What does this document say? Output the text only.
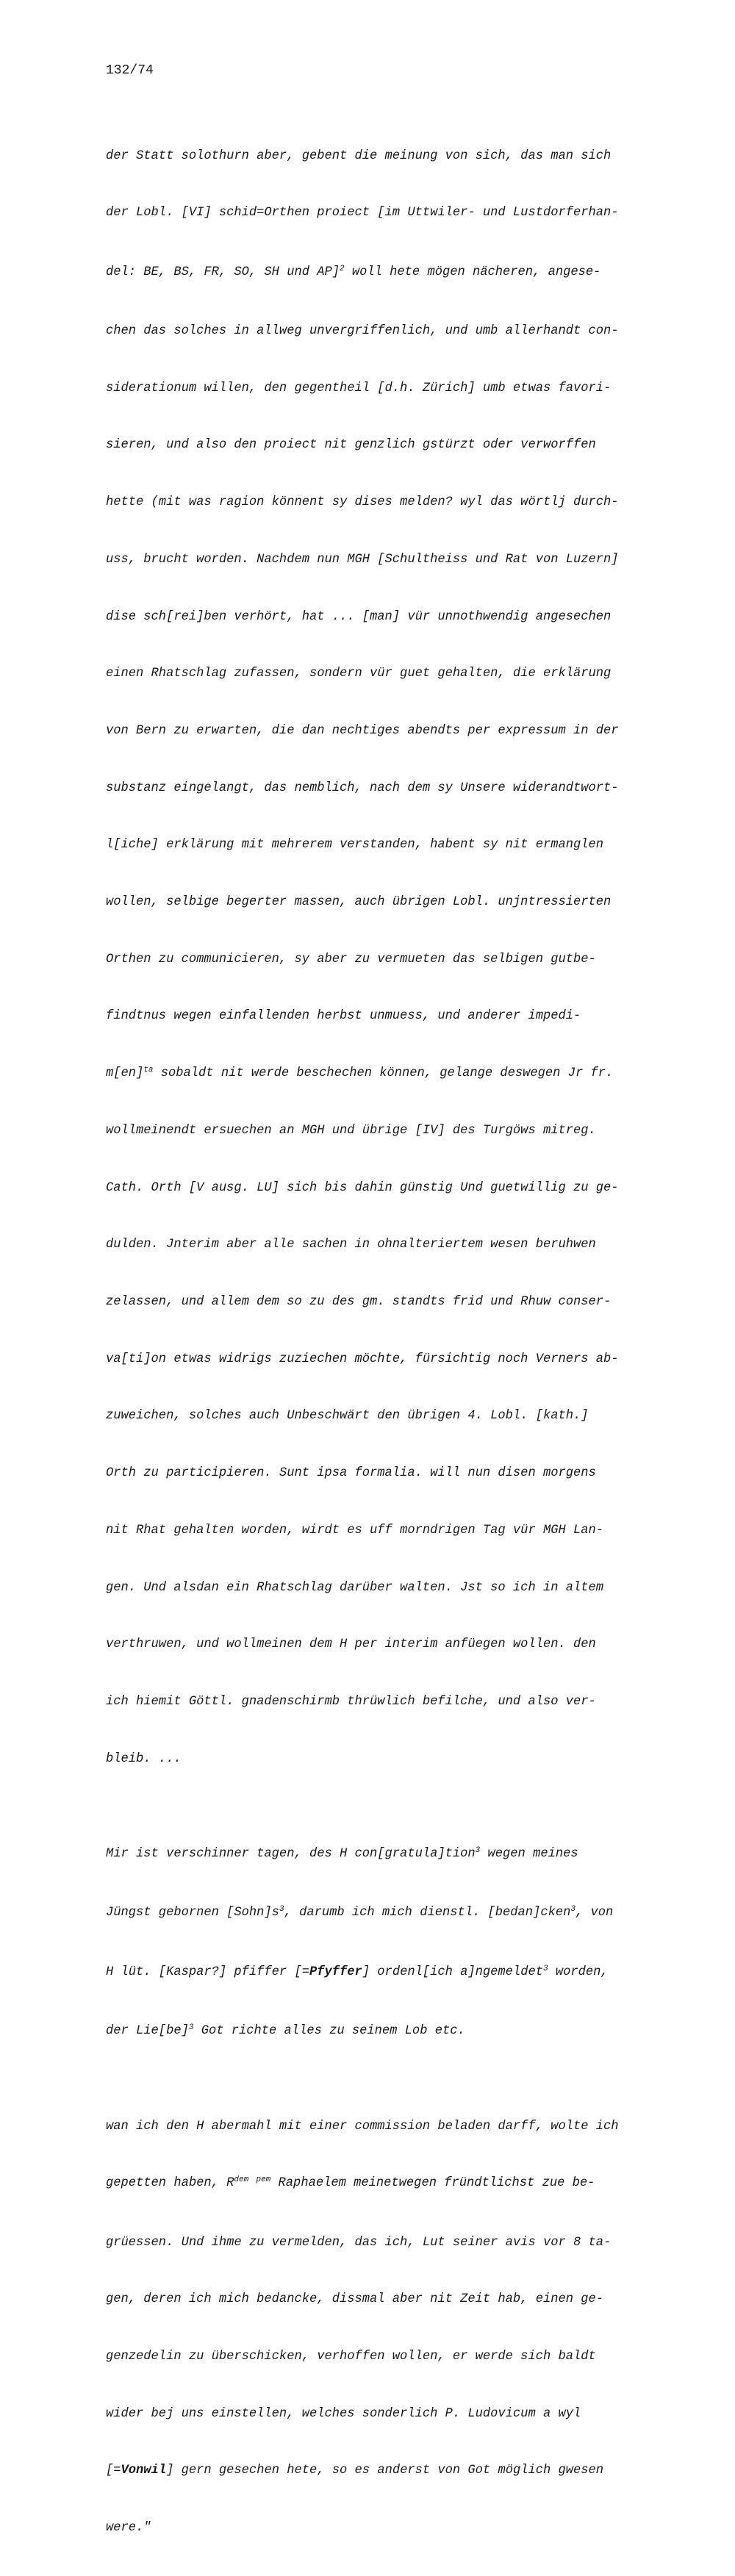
132/74

der Statt solothurn aber, gebent die meinung von sich, das man sich

der Lobl. [VI] schid=Orthen proiect [im Uttwiler- und Lustdorferhan-

del: BE, BS, FR, SO, SH und AP]$^2$ woll hete mögen nächeren, angese-

chen das solches in allweg unvergriffenlich, und umb allerhandt con-

siderationum willen, den gegentheil [d.h. Zürich] umb etwas favori-

sieren, und also den proiect nit genzlich gstürzt oder verworffen

hette (mit was ragion könnent sy dises melden? wyl das wörtlj durch-

uss, brucht worden. Nachdem nun MGH [Schultheiss und Rat von Luzern]

dise sch[rei]ben verhört, hat ... [man] vür unnothwendig angesechen

einen Rhatschlag zufassen, sondern vür guet gehalten, die erklärung

von Bern zu erwarten, die dan nechtiges abendts per expressum in der

substanz eingelangt, das nemblich, nach dem sy Unsere widerandtwort-

l[iche] erklärung mit mehrerem verstanden, habent sy nit ermanglen

wollen, selbige begerter massen, auch übrigen Lobl. unjntressierten

Orthen zu communicieren, sy aber zu vermueten das selbigen gutbe-

findtnus wegen einfallenden herbst unmuess, und anderer impedi-

m[en]$^{ta}$ sobaldt nit werde beschechen können, gelange deswegen Jr fr.

wollmeinendt ersuechen an MGH und übrige [IV] des Turgöws mitreg.

Cath. Orth [V ausg. LU] sich bis dahin günstig Und guetwillig zu ge-

dulden. Jnterim aber alle sachen in ohnalteriertem wesen beruhwen

zelassen, und allem dem so zu des gm. standts frid und Rhuw conser-

va[ti]on etwas widrigs zuziechen möchte, fürsichtig noch Verners ab-

zuweichen, solches auch Unbeschwärt den übrigen 4. Lobl. [kath.]

Orth zu participieren. Sunt ipsa formalia. will nun disen morgens

nit Rhat gehalten worden, wirdt es uff morndrigen Tag vür MGH Lan-

gen. Und alsdan ein Rhatschlag darüber walten. Jst so ich in altem

verthruwen, und wollmeinen dem H per interim anfüegen wollen. den

ich hiemit Göttl. gnadenschirmb thrüwlich befilche, und also ver-

bleib. ...

Mir ist verschinner tagen, des H con[gratula]tion$^3$ wegen meines

Jüngst gebornen $[Sohn]s^3$, darumb ich mich dienstl. [bedan]cken$^3$, von

H lüt. [Kaspar?] pfiffer [=Pfyffer] ordenl[ich a]ngemeldet$^3$ worden,

der Lie[be]$^3$ Got richte alles zu seinem Lob etc.

wan ich den H abermahl mit einer commission beladen darff, wolte ich

gepetten haben, $R^{dem}$ $^{pem}$ Raphaelem meinetwegen fründtlichst zue be-

grüessen. Und ihme zu vermelden, das ich, Lut seiner avis vor 8 ta-

gen, deren ich mich bedancke, dissmal aber nit Zeit hab, einen ge-

genzedelin zu überschicken, verhoffen wollen, er werde sich baldt

wider bej uns einstellen, welches sonderlich P. Ludovicum a wyl

[=Vonwil] gern gesechen hete, so es anderst von Got möglich gwesen

were."
